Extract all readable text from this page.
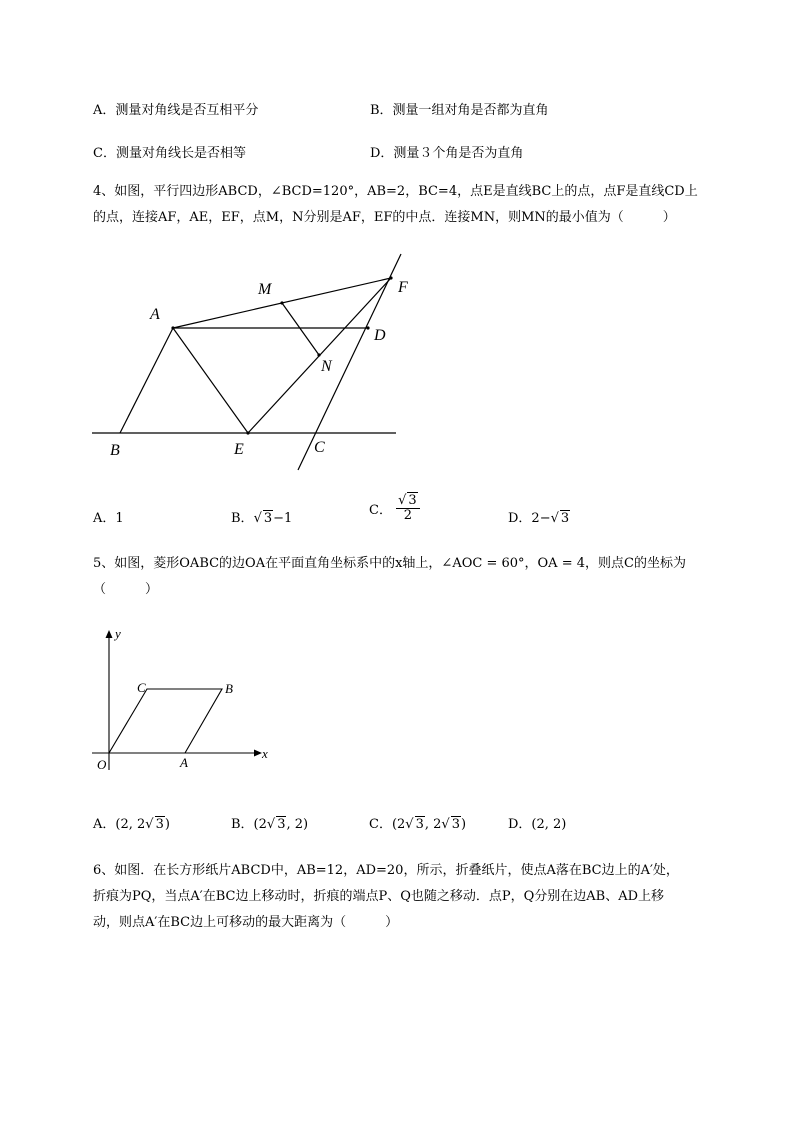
A．测量对角线是否互相平分	B．测量一组对角是否都为直角
C．测量对角线长是否相等	D．测量３个角是否为直角
4、如图，平行四边形ABCD，∠BCD=120°，AB=2，BC=4，点E是直线BC上的点，点F是直线CD上
的点，连接AF，AE，EF，点M，N分别是AF，EF的中点．连接MN，则MN的最小值为（　　　）
A
B	C
D
E
F
M
N
A．1	B．√ 3−1
C． $\frac{√ 3}{2}$	D．2−√ 3
5、如图，菱形OABC的边OA在平面直角坐标系中的x轴上，∠AOC = 60°，OA = 4，则点C的坐标为
（　　　）
O	A
B
C
x
y
A．(2, 2√ 3)	B．(2√ 3, 2)	C．(2√ 3, 2√ 3)	D．(2, 2)
6、如图．在长方形纸片ABCD中，AB=12，AD=20，所示，折叠纸片，使点A落在BC边上的A′处，
折痕为PQ，当点A′在BC边上移动时，折痕的端点P、Q也随之移动．点P，Q分别在边AB、AD上移
动，则点A′在BC边上可移动的最大距离为（　　　）
